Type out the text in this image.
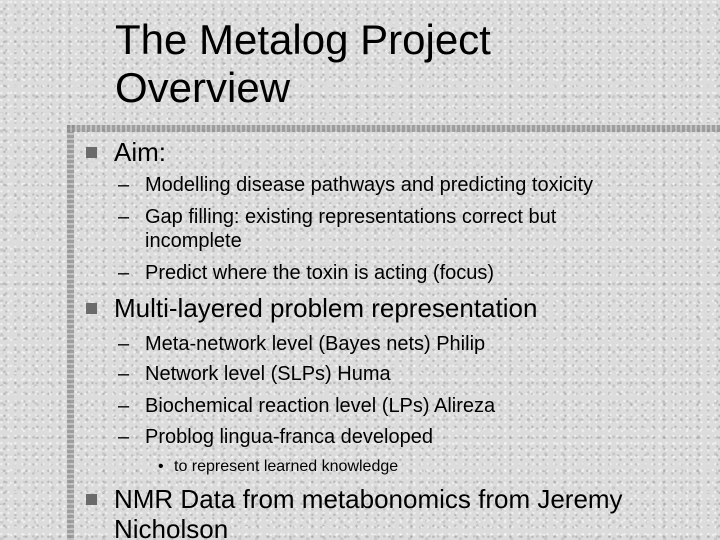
The Metalog Project
Overview
Aim:
– Modelling disease pathways and predicting toxicity
– Gap filling: existing representations correct but
incomplete
– Predict where the toxin is acting (focus)
Multi-layered problem representation
– Meta-network level (Bayes nets) Philip
– Network level (SLPs) Huma
– Biochemical reaction level (LPs) Alireza
– Problog lingua-franca developed
• to represent learned knowledge
NMR Data from metabonomics from Jeremy
Nicholson
